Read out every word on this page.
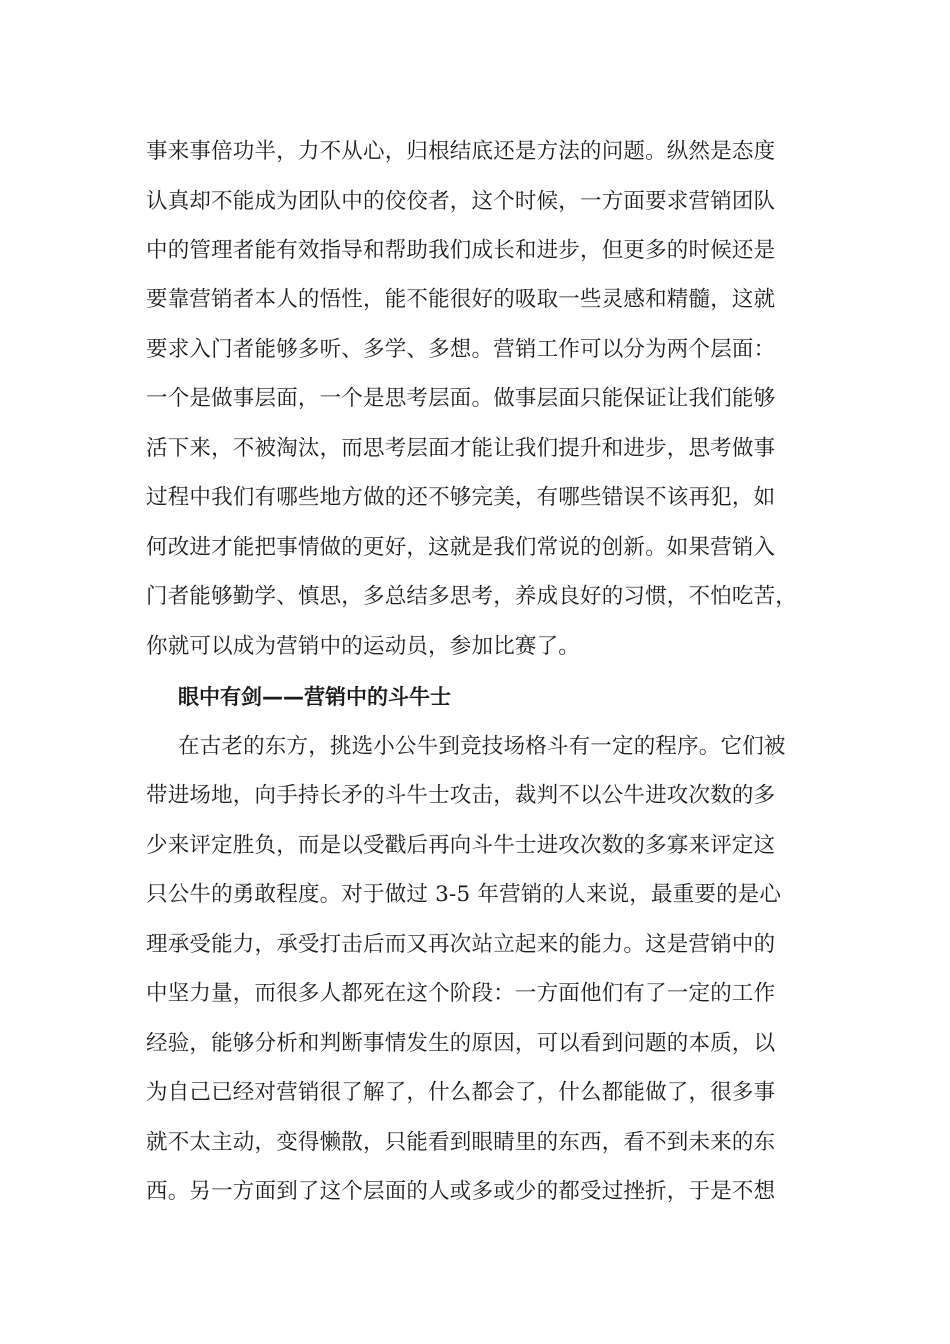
事来事倍功半，力不从心，归根结底还是方法的问题。纵然是态度

认真却不能成为团队中的佼佼者，这个时候，一方面要求营销团队

中的管理者能有效指导和帮助我们成长和进步，但更多的时候还是

要靠营销者本人的悟性，能不能很好的吸取一些灵感和精髓，这就

要求入门者能够多听、多学、多想。营销工作可以分为两个层面：

一个是做事层面，一个是思考层面。做事层面只能保证让我们能够

活下来，不被淘汰，而思考层面才能让我们提升和进步，思考做事

过程中我们有哪些地方做的还不够完美，有哪些错误不该再犯，如

何改进才能把事情做的更好，这就是我们常说的创新。如果营销入

门者能够勤学、慎思，多总结多思考，养成良好的习惯，不怕吃苦，

你就可以成为营销中的运动员，参加比赛了。

眼中有剑——营销中的斗牛士

在古老的东方，挑选小公牛到竞技场格斗有一定的程序。它们被

带进场地，向手持长矛的斗牛士攻击，裁判不以公牛进攻次数的多

少来评定胜负，而是以受戳后再向斗牛士进攻次数的多寡来评定这

只公牛的勇敢程度。对于做过 3-5 年营销的人来说，最重要的是心

理承受能力，承受打击后而又再次站立起来的能力。这是营销中的

中坚力量，而很多人都死在这个阶段：一方面他们有了一定的工作

经验，能够分析和判断事情发生的原因，可以看到问题的本质，以

为自己已经对营销很了解了，什么都会了，什么都能做了，很多事

就不太主动，变得懒散，只能看到眼睛里的东西，看不到未来的东

西。另一方面到了这个层面的人或多或少的都受过挫折，于是不想
